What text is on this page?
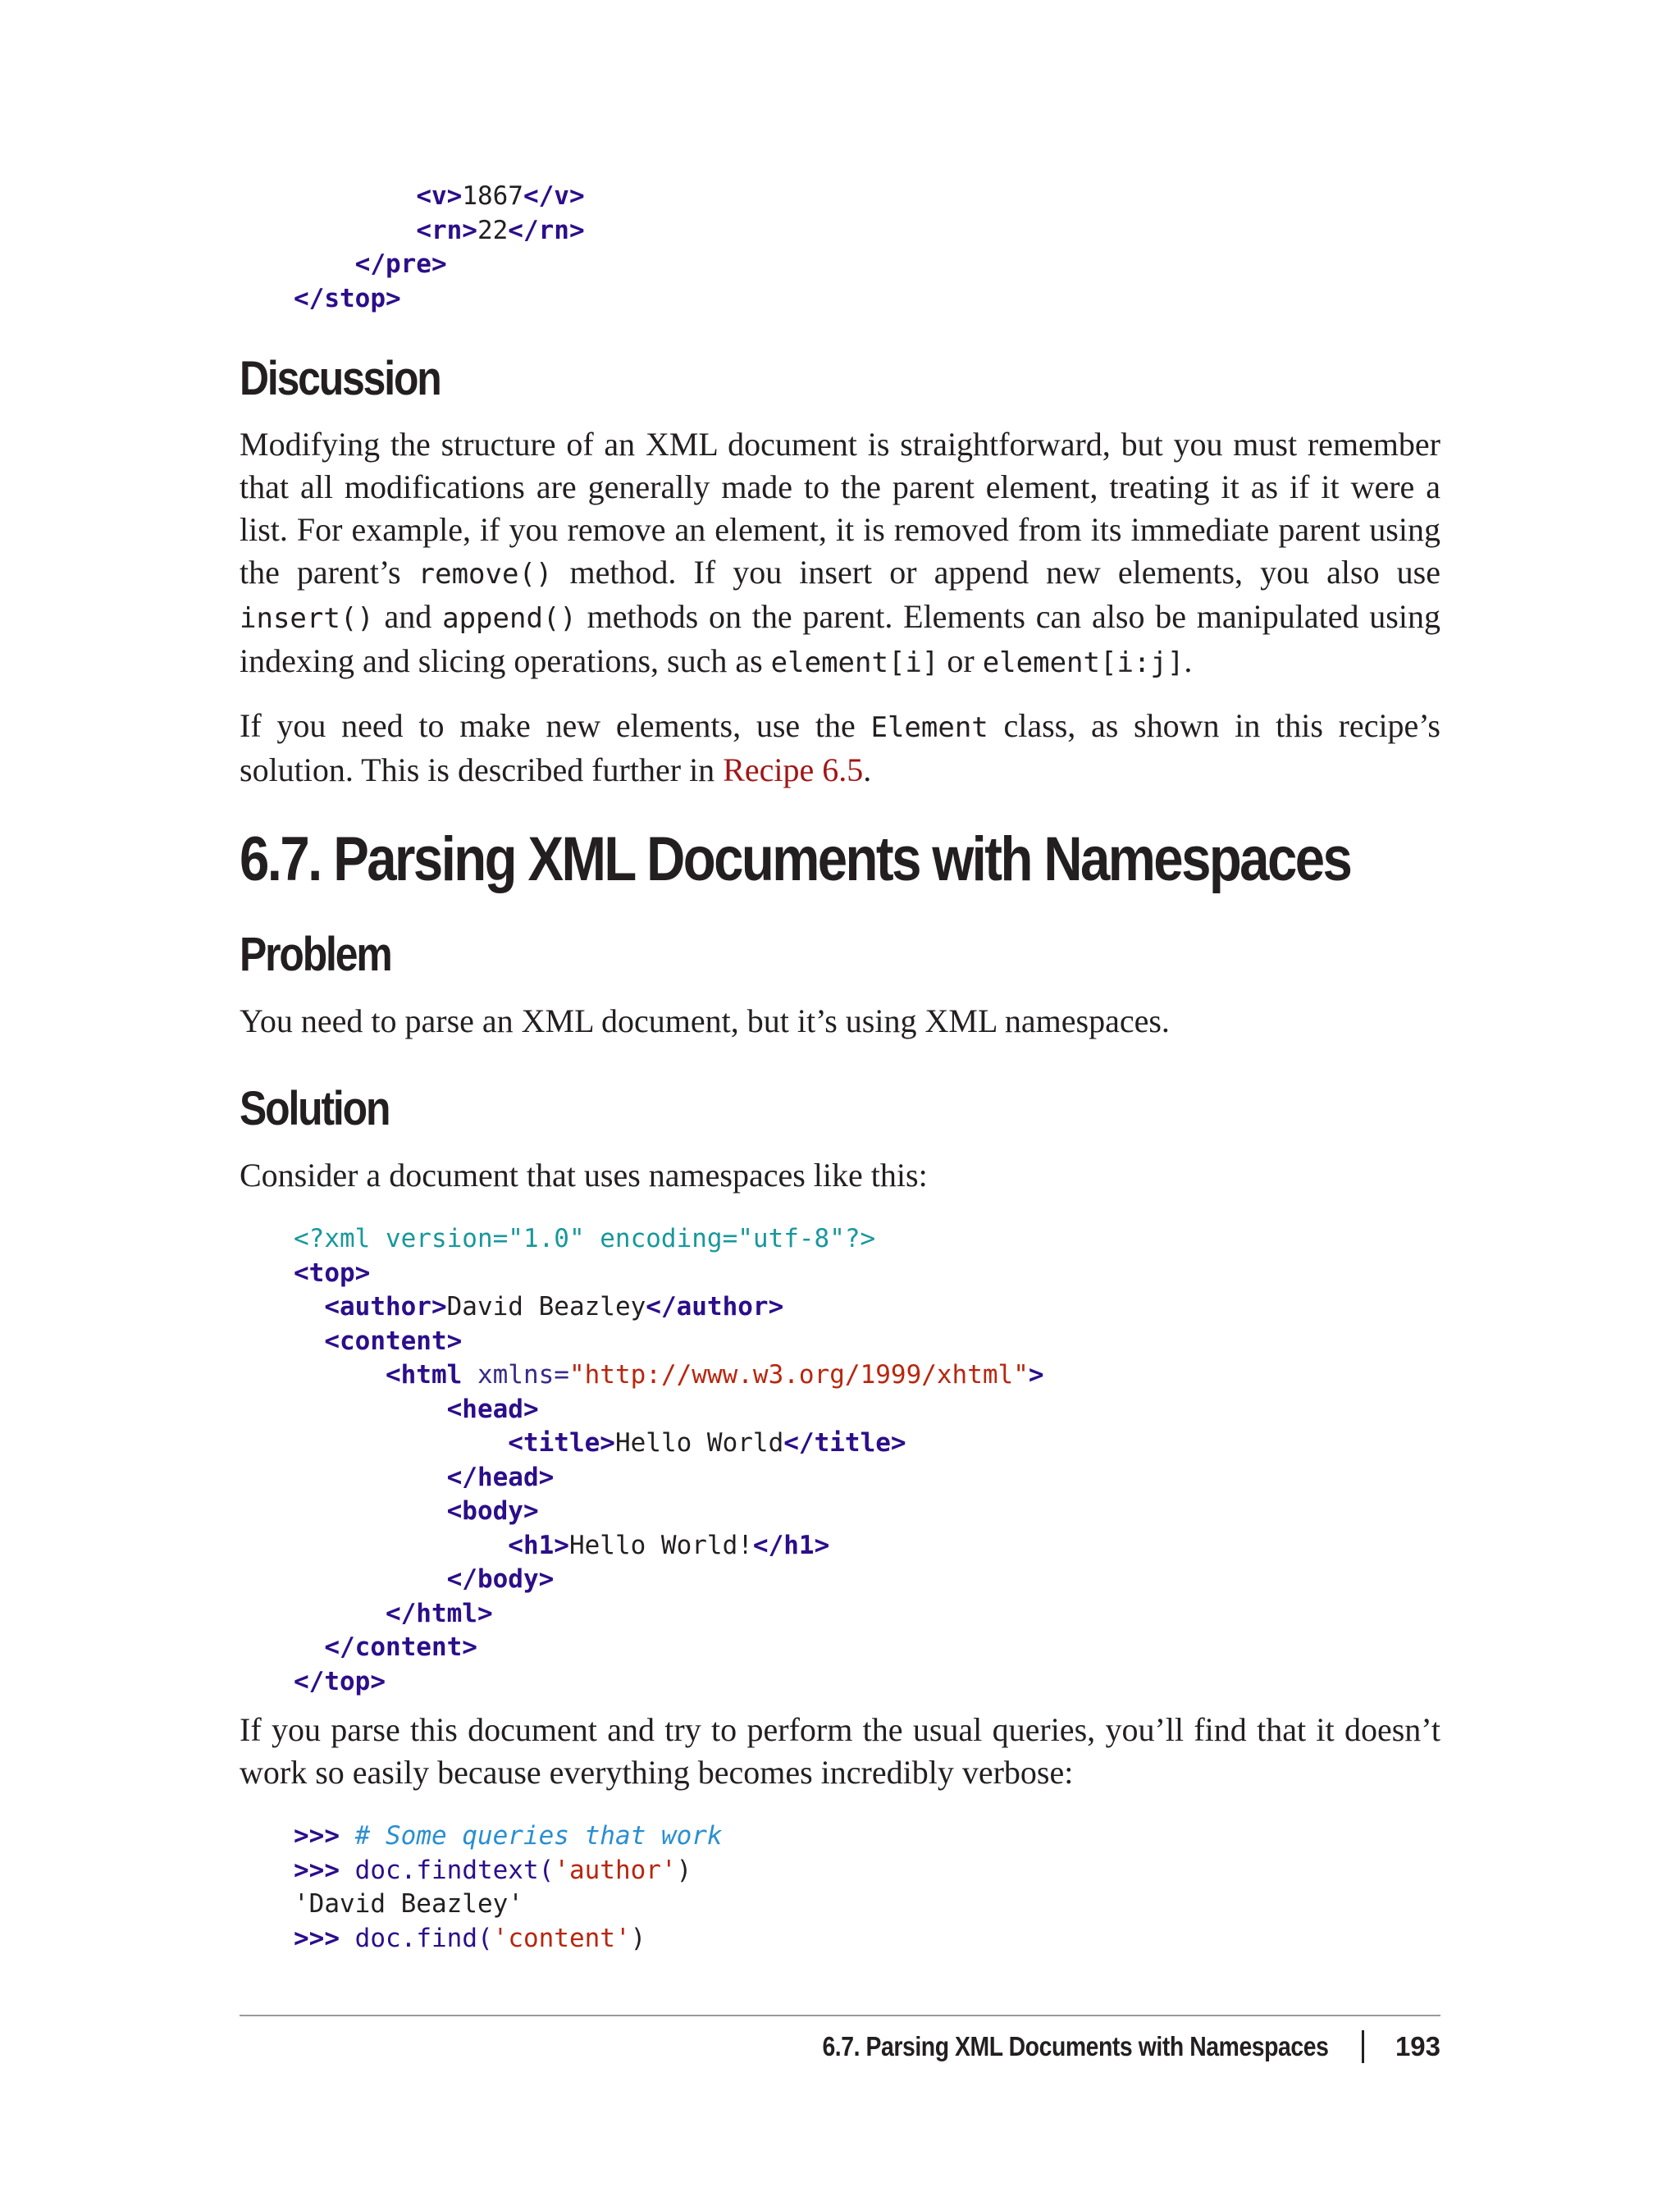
<v>1867</v>
<rn>22</rn>
</pre>
</stop>
Discussion

Modifying the structure of an XML document is straightforward, but you must remember that all modifications are generally made to the parent element, treating it as if it were a list. For example, if you remove an element, it is removed from its immediate parent using the parent’s remove() method. If you insert or append new elements, you also use insert() and append() methods on the parent. Elements can also be manipulated using indexing and slicing operations, such as element[i] or element[i:j].

If you need to make new elements, use the Element class, as shown in this recipe’s solution. This is described further in Recipe 6.5.

6.7. Parsing XML Documents with Namespaces
Problem

You need to parse an XML document, but it’s using XML namespaces.

Solution

Consider a document that uses namespaces like this:

<?xml version="1.0" encoding="utf-8"?>
<top>
<author>David Beazley</author>
<content>
<html xmlns="http://www.w3.org/1999/xhtml">
<head>
<title>Hello World</title>
</head>
<body>
<h1>Hello World!</h1>
</body>
</html>
</content>
</top>

If you parse this document and try to perform the usual queries, you’ll find that it doesn’t work so easily because everything becomes incredibly verbose:

>>> # Some queries that work
>>> doc.findtext('author')
'David Beazley'
>>> doc.find('content')
6.7. Parsing XML Documents with Namespaces 193
